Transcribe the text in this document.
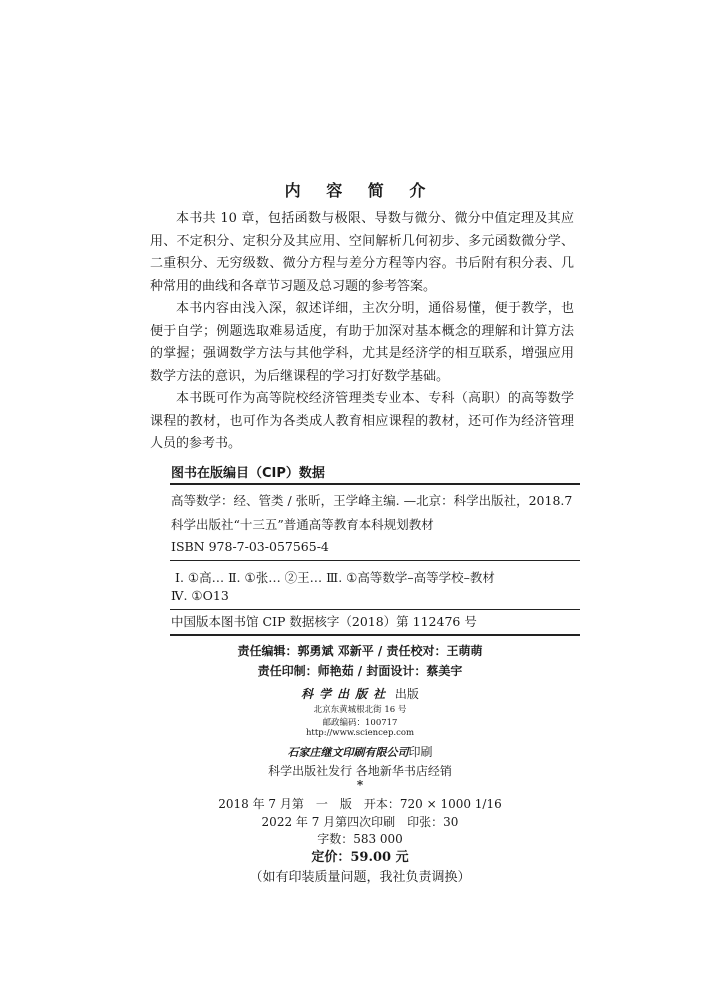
内 容 简 介

本书共 10 章，包括函数与极限、导数与微分、微分中值定理及其应用、不定积分、定积分及其应用、空间解析几何初步、多元函数微分学、二重积分、无穷级数、微分方程与差分方程等内容。书后附有积分表、几种常用的曲线和各章节习题及总习题的参考答案。

本书内容由浅入深，叙述详细，主次分明，通俗易懂，便于教学，也便于自学；例题选取难易适度，有助于加深对基本概念的理解和计算方法的掌握；强调数学方法与其他学科，尤其是经济学的相互联系，增强应用数学方法的意识，为后继课程的学习打好数学基础。

本书既可作为高等院校经济管理类专业本、专科（高职）的高等数学课程的教材，也可作为各类成人教育相应课程的教材，还可作为经济管理人员的参考书。

图书在版编目（CIP）数据
高等数学：经、管类 / 张昕，王学峰主编. —北京：科学出版社，2018.7
科学出版社“十三五”普通高等教育本科规划教材
ISBN 978-7-03-057565-4
Ⅰ. ①高… Ⅱ. ①张… ②王… Ⅲ. ①高等数学–高等学校–教材
Ⅳ. ①O13
中国版本图书馆 CIP 数据核字（2018）第 112476 号
责任编辑：郭勇斌 邓新平 / 责任校对：王萌萌
责任印制：师艳茹 / 封面设计：蔡美宇
科学出版社 出版
北京东黄城根北街 16 号
邮政编码：100717
http://www.sciencep.com
石家庄继文印刷有限公司印刷
科学出版社发行 各地新华书店经销
*
2018 年 7 月第　一　版　开本：720 × 1000 1/16
2022 年 7 月第四次印刷　印张：30
字数：583 000
定价：59.00 元
（如有印装质量问题，我社负责调换）
